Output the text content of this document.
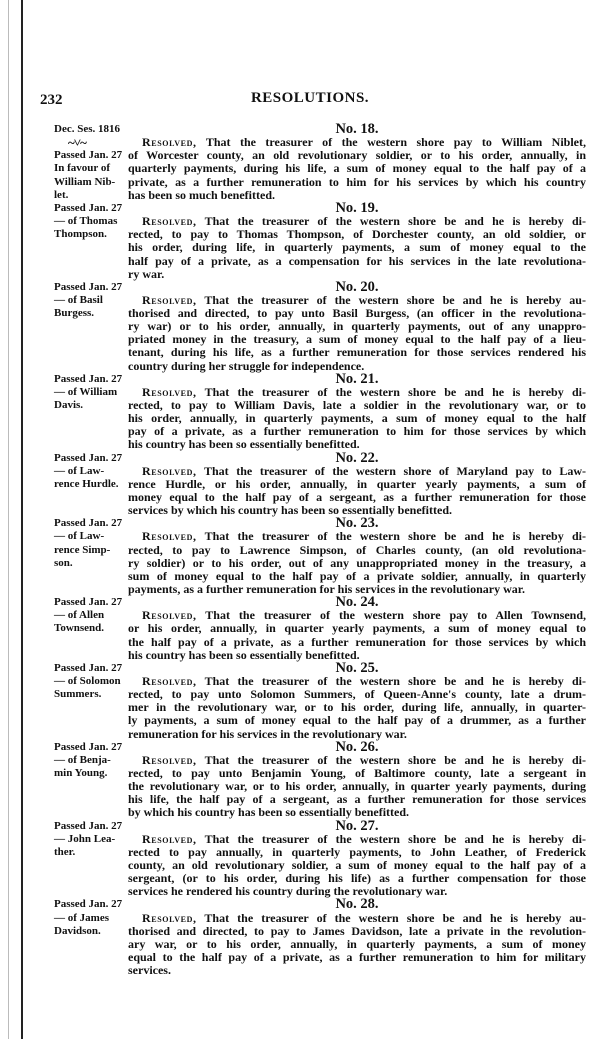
232	RESOLUTIONS.
Dec. Ses. 1816
~˅~
Passed Jan. 27
In favour of
William Nib-
let.
No. 18.
Resolved, That the treasurer of the western shore pay to William Niblet,
of Worcester county, an old revolutionary soldier, or to his order, annually, in
quarterly payments, during his life, a sum of money equal to the half pay of a
private, as a further remuneration to him for his services by which his country
has been so much benefitted.

Passed Jan. 27
— of Thomas
Thompson.
No. 19.
Resolved, That the treasurer of the western shore be and he is hereby di-
rected, to pay to Thomas Thompson, of Dorchester county, an old soldier, or
his order, during life, in quarterly payments, a sum of money equal to the
half pay of a private, as a compensation for his services in the late revolutiona-
ry war.

Passed Jan. 27
— of Basil
Burgess.
No. 20.
Resolved, That the treasurer of the western shore be and he is hereby au-
thorised and directed, to pay unto Basil Burgess, (an officer in the revolutiona-
ry war) or to his order, annually, in quarterly payments, out of any unappro-
priated money in the treasury, a sum of money equal to the half pay of a lieu-
tenant, during his life, as a further remuneration for those services rendered his
country during her struggle for independence.

Passed Jan. 27
— of William
Davis.
No. 21.
Resolved, That the treasurer of the western shore be and he is hereby di-
rected, to pay to William Davis, late a soldier in the revolutionary war, or to
his order, annually, in quarterly payments, a sum of money equal to the half
pay of a private, as a further remuneration to him for those services by which
his country has been so essentially benefitted.

Passed Jan. 27
— of Law-
rence Hurdle.
No. 22.
Resolved, That the treasurer of the western shore of Maryland pay to Law-
rence Hurdle, or his order, annually, in quarter yearly payments, a sum of
money equal to the half pay of a sergeant, as a further remuneration for those
services by which his country has been so essentially benefitted.

Passed Jan. 27
— of Law-
rence Simp-
son.
No. 23.
Resolved, That the treasurer of the western shore be and he is hereby di-
rected, to pay to Lawrence Simpson, of Charles county, (an old revolutiona-
ry soldier) or to his order, out of any unappropriated money in the treasury, a
sum of money equal to the half pay of a private soldier, annually, in quarterly
payments, as a further remuneration for his services in the revolutionary war.

Passed Jan. 27
— of Allen
Townsend.
No. 24.
Resolved, That the treasurer of the western shore pay to Allen Townsend,
or his order, annually, in quarter yearly payments, a sum of money equal to
the half pay of a private, as a further remuneration for those services by which
his country has been so essentially benefitted.

Passed Jan. 27
— of Solomon
Summers.
No. 25.
Resolved, That the treasurer of the western shore be and he is hereby di-
rected, to pay unto Solomon Summers, of Queen-Anne's county, late a drum-
mer in the revolutionary war, or to his order, during life, annually, in quarter-
ly payments, a sum of money equal to the half pay of a drummer, as a further
remuneration for his services in the revolutionary war.

Passed Jan. 27
— of Benja-
min Young.
No. 26.
Resolved, That the treasurer of the western shore be and he is hereby di-
rected, to pay unto Benjamin Young, of Baltimore county, late a sergeant in
the revolutionary war, or to his order, annually, in quarter yearly payments, during
his life, the half pay of a sergeant, as a further remuneration for those services
by which his country has been so essentially benefitted.

Passed Jan. 27
— John Lea-
ther.
No. 27.
Resolved, That the treasurer of the western shore be and he is hereby di-
rected to pay annually, in quarterly payments, to John Leather, of Frederick
county, an old revolutionary soldier, a sum of money equal to the half pay of a
sergeant, (or to his order, during his life) as a further compensation for those
services he rendered his country during the revolutionary war.

Passed Jan. 27
— of James
Davidson.
No. 28.
Resolved, That the treasurer of the western shore be and he is hereby au-
thorised and directed, to pay to James Davidson, late a private in the revolution-
ary war, or to his order, annually, in quarterly payments, a sum of money
equal to the half pay of a private, as a further remuneration to him for military
services.
